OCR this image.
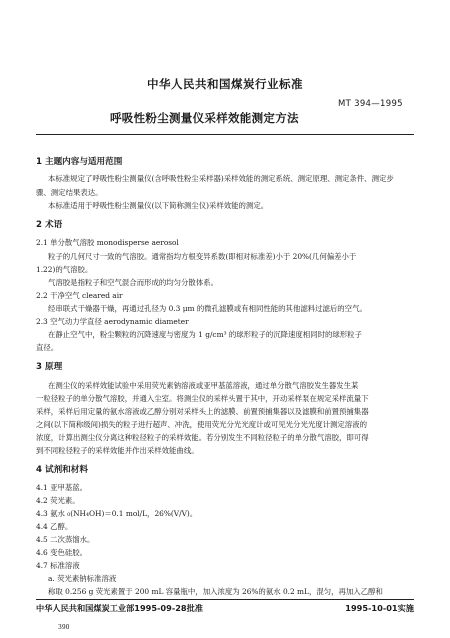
中华人民共和国煤炭行业标准
MT 394—1995
呼吸性粉尘测量仪采样效能测定方法
1 主题内容与适用范围
本标准规定了呼吸性粉尘测量仪(含呼吸性粉尘采样器)采样效能的测定系统、测定原理、测定条件、测定步
骤、测定结果表达。
本标准适用于呼吸性粉尘测量仪(以下简称测尘仪)采样效能的测定。
2 术语
2.1 单分散气溶胶 monodisperse aerosol
粒子的几何尺寸一致的气溶胶。通常指均方根变异系数(即相对标准差)小于 20%(几何偏差小于
1.22)的气溶胶。
气溶胶是指粒子和空气混合而形成的均匀分散体系。
2.2 干净空气 cleared air
经串联式干燥器干燥，再通过孔径为 0.3 μm 的微孔滤膜或有相同性能的其他滤料过滤后的空气。
2.3 空气动力学直径 aerodynamic diameter
在静止空气中，粉尘颗粒的沉降速度与密度为 1 g/cm³ 的球形粒子的沉降速度相同时的球形粒子
直径。
3 原理
在测尘仪的采样效能试验中采用荧光素钠溶液或亚甲基蓝溶液，通过单分散气溶胶发生器发生某
一粒径粒子的单分散气溶胶，并通入尘室。将测尘仪的采样头置于其中，开动采样泵在规定采样流量下
采样，采样后用定量的氨水溶液或乙醇分别对采样头上的滤膜、前置预捕集器以及滤膜和前置预捕集器
之间(以下简称级间)损失的粒子进行超声、冲洗，使用荧光分光光度计或可见光分光光度计测定溶液的
浓度，计算出测尘仪分离这种粒径粒子的采样效能。若分别发生不同粒径粒子的单分散气溶胶，即可得
到不同粒径粒子的采样效能并作出采样效能曲线。
4 试剂和材料
4.1 亚甲基蓝。
4.2 荧光素。
4.3 氨水 ₀(NH₄OH)＝0.1 mol/L，26%(V/V)。
4.4 乙醇。
4.5 二次蒸馏水。
4.6 变色硅胶。
4.7 标准溶液
a. 荧光素钠标准溶液
称取 0.256 g 荧光素置于 200 mL 容量瓶中，加入浓度为 26%的氨水 0.2 mL，混匀，再加入乙醇和
中华人民共和国煤炭工业部1995-09-28批准	1995-10-01实施
390
